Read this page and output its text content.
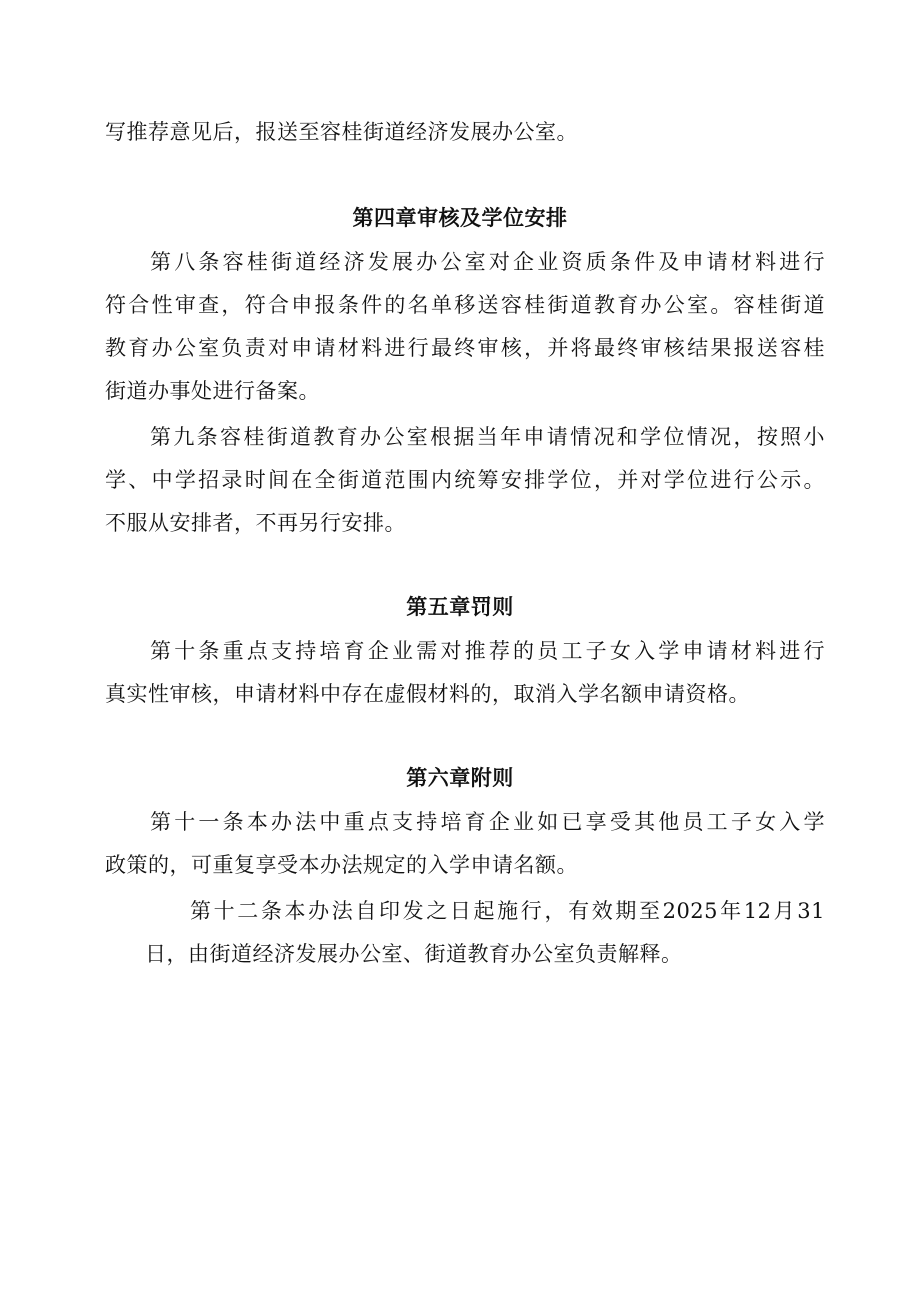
写推荐意见后，报送至容桂街道经济发展办公室。
第四章审核及学位安排
第八条容桂街道经济发展办公室对企业资质条件及申请材料进行
符合性审查，符合申报条件的名单移送容桂街道教育办公室。容桂街道
教育办公室负责对申请材料进行最终审核，并将最终审核结果报送容桂
街道办事处进行备案。
第九条容桂街道教育办公室根据当年申请情况和学位情况，按照小
学、中学招录时间在全街道范围内统筹安排学位，并对学位进行公示。
不服从安排者，不再另行安排。
第五章罚则
第十条重点支持培育企业需对推荐的员工子女入学申请材料进行
真实性审核，申请材料中存在虚假材料的，取消入学名额申请资格。
第六章附则
第十一条本办法中重点支持培育企业如已享受其他员工子女入学
政策的，可重复享受本办法规定的入学申请名额。
第十二条本办法自印发之日起施行，有效期至2025年12月31
日，由街道经济发展办公室、街道教育办公室负责解释。
